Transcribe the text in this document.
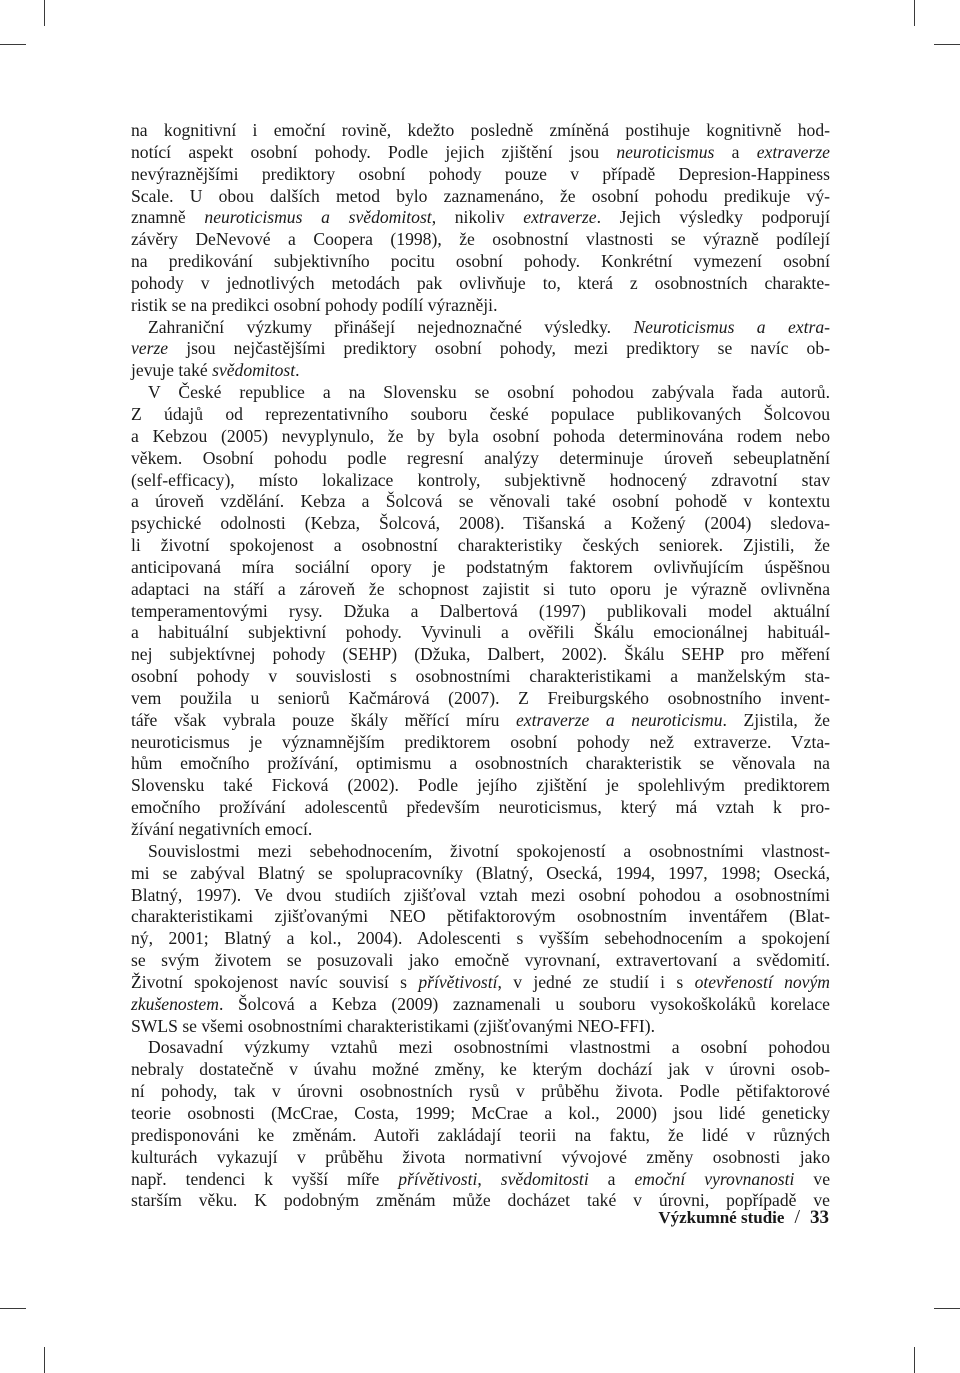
na kognitivní i emoční rovině, kdežto posledně zmíněná postihuje kognitivně hod-
notící aspekt osobní pohody. Podle jejich zjištění jsou neuroticismus a extraverze
nevýraznějšími prediktory osobní pohody pouze v případě Depresion-Happiness
Scale. U obou dalších metod bylo zaznamenáno, že osobní pohodu predikuje vý-
znamně neuroticismus a svědomitost, nikoliv extraverze. Jejich výsledky podporují
závěry DeNevové a Coopera (1998), že osobnostní vlastnosti se výrazně podílejí
na predikování subjektivního pocitu osobní pohody. Konkrétní vymezení osobní
pohody v jednotlivých metodách pak ovlivňuje to, která z osobnostních charakte-
ristik se na predikci osobní pohody podílí výrazněji.
Zahraniční výzkumy přinášejí nejednoznačné výsledky. Neuroticismus a extra-
verze jsou nejčastějšími prediktory osobní pohody, mezi prediktory se navíc ob-
jevuje také svědomitost.
V České republice a na Slovensku se osobní pohodou zabývala řada autorů.
Z údajů od reprezentativního souboru české populace publikovaných Šolcovou
a Kebzou (2005) nevyplynulo, že by byla osobní pohoda determinována rodem nebo
věkem. Osobní pohodu podle regresní analýzy determinuje úroveň sebeuplatnění
(self-efficacy), místo lokalizace kontroly, subjektivně hodnocený zdravotní stav
a úroveň vzdělání. Kebza a Šolcová se věnovali také osobní pohodě v kontextu
psychické odolnosti (Kebza, Šolcová, 2008). Tišanská a Kožený (2004) sledova-
li životní spokojenost a osobnostní charakteristiky českých seniorek. Zjistili, že
anticipovaná míra sociální opory je podstatným faktorem ovlivňujícím úspěšnou
adaptaci na stáří a zároveň že schopnost zajistit si tuto oporu je výrazně ovlivněna
temperamentovými rysy. Džuka a Dalbertová (1997) publikovali model aktuální
a habituální subjektivní pohody. Vyvinuli a ověřili Škálu emocionálnej habituál-
nej subjektívnej pohody (SEHP) (Džuka, Dalbert, 2002). Škálu SEHP pro měření
osobní pohody v souvislosti s osobnostními charakteristikami a manželským sta-
vem použila u seniorů Kačmárová (2007). Z Freiburgského osobnostního invent-
táře však vybrala pouze škály měřící míru extraverze a neuroticismu. Zjistila, že
neuroticismus je významnějším prediktorem osobní pohody než extraverze. Vzta-
hům emočního prožívání, optimismu a osobnostních charakteristik se věnovala na
Slovensku také Ficková (2002). Podle jejího zjištění je spolehlivým prediktorem
emočního prožívání adolescentů především neuroticismus, který má vztah k pro-
žívání negativních emocí.
Souvislostmi mezi sebehodnocením, životní spokojeností a osobnostními vlastnost-
mi se zabýval Blatný se spolupracovníky (Blatný, Osecká, 1994, 1997, 1998; Osecká,
Blatný, 1997). Ve dvou studiích zjišťoval vztah mezi osobní pohodou a osobnostními
charakteristikami zjišťovanými NEO pětifaktorovým osobnostním inventářem (Blat-
ný, 2001; Blatný a kol., 2004). Adolescenti s vyšším sebehodnocením a spokojení
se svým životem se posuzovali jako emočně vyrovnaní, extravertovaní a svědomití.
Životní spokojenost navíc souvisí s přívětivostí, v jedné ze studií i s otevřeností novým
zkušenostem. Šolcová a Kebza (2009) zaznamenali u souboru vysokoškoláků korelace
SWLS se všemi osobnostními charakteristikami (zjišťovanými NEO-FFI).
Dosavadní výzkumy vztahů mezi osobnostními vlastnostmi a osobní pohodou
nebraly dostatečně v úvahu možné změny, ke kterým dochází jak v úrovni osob-
ní pohody, tak v úrovni osobnostních rysů v průběhu života. Podle pětifaktorové
teorie osobnosti (McCrae, Costa, 1999; McCrae a kol., 2000) jsou lidé geneticky
predisponováni ke změnám. Autoři zakládají teorii na faktu, že lidé v různých
kulturách vykazují v průběhu života normativní vývojové změny osobnosti jako
např. tendenci k vyšší míře přívětivosti, svědomitosti a emoční vyrovnanosti ve
starším věku. K podobným změnám může docházet také v úrovni, popřípadě ve
Výzkumné studie / 33
